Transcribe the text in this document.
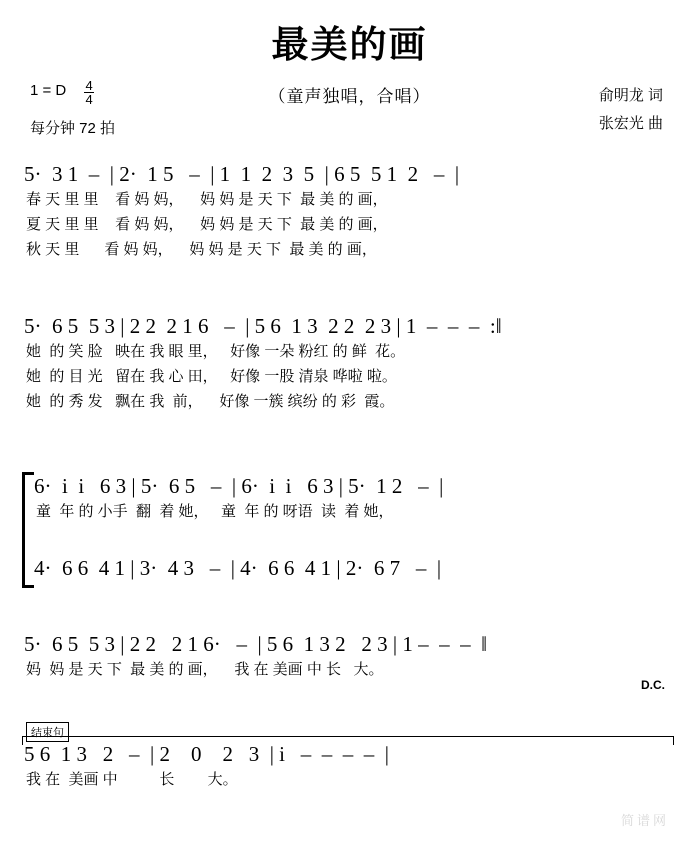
最美的画
（童声独唱，合唱）
1 = D $\frac{4}{4}$
每分钟 72 拍
俞明龙 词
张宏光 曲
5·  3 1  –  | 2·  1 5   –  | 1  1  2  3  5  | 6 5  5 1  2   –  |
春 天 里 里    看 妈 妈，    妈 妈 是 天 下  最 美 的 画，
夏 天 里 里    看 妈 妈，    妈 妈 是 天 下  最 美 的 画，
秋 天 里      看 妈 妈，    妈 妈 是 天 下  最 美 的 画，
5·  6 5  5 3 | 2 2  2 1 6   –  | 5 6  1 3  2 2  2 3 | 1  –  –  –  :‖
她  的 笑 脸   映在 我 眼 里，   好像 一朵 粉红 的 鲜  花。
她  的 目 光   留在 我 心 田，   好像 一股 清泉 哗啦 啦。
她  的 秀 发   飘在 我  前，    好像 一簇 缤纷 的 彩  霞。
6·  i  i   6 3 | 5·  6 5   –  | 6·  i  i   6 3 | 5·  1 2   –  |
童  年 的 小手  翻  着 她，   童  年 的 呀语  读  着 她，
4·  6 6  4 1 | 3·  4 3   –  | 4·  6 6  4 1 | 2·  6 7   –  |
5·  6 5  5 3 | 2 2   2 1 6·   –  | 5 6  1 3 2   2 3 | 1 –  –  –  ‖
妈  妈 是 天 下  最 美 的 画，    我 在 美画 中 长   大。
D.C.
结束句
5 6  1 3   2   –  | 2    0    2   3  | i   –  –  –  –  |
我 在  美画 中          长        大。
简谱网
